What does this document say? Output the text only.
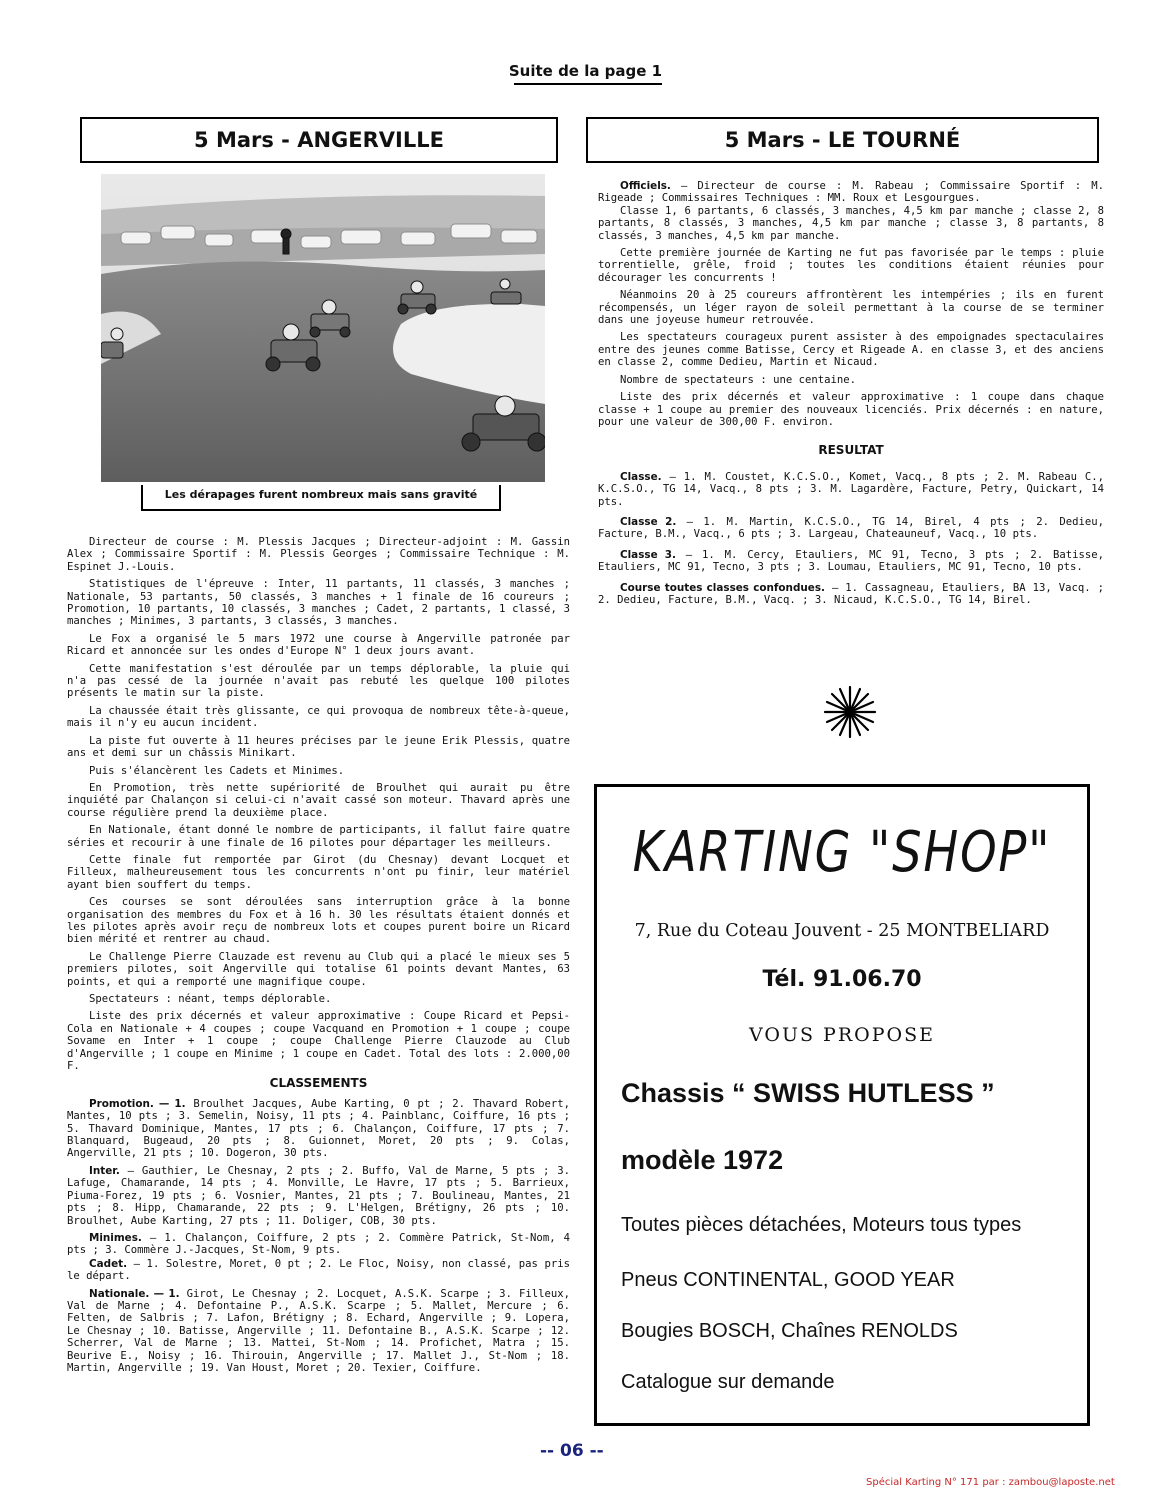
Suite de la page 1
5 Mars - ANGERVILLE	5 Mars - LE TOURNÉ
Les dérapages furent nombreux mais sans gravité

Directeur de course : M. Plessis Jacques ; Directeur-adjoint : M. Gassin Alex ; Commissaire Sportif : M. Plessis Georges ; Commissaire Technique : M. Espinet J.-Louis.

Statistiques de l'épreuve : Inter, 11 partants, 11 classés, 3 manches ; Nationale, 53 partants, 50 classés, 3 manches + 1 finale de 16 coureurs ; Promotion, 10 partants, 10 classés, 3 manches ; Cadet, 2 partants, 1 classé, 3 manches ; Minimes, 3 partants, 3 classés, 3 manches.

Le Fox a organisé le 5 mars 1972 une course à Angerville patronée par Ricard et annoncée sur les ondes d'Europe N° 1 deux jours avant.

Cette manifestation s'est déroulée par un temps déplorable, la pluie qui n'a pas cessé de la journée n'avait pas rebuté les quelque 100 pilotes présents le matin sur la piste.

La chaussée était très glissante, ce qui provoqua de nombreux tête-à-queue, mais il n'y eu aucun incident.

La piste fut ouverte à 11 heures précises par le jeune Erik Plessis, quatre ans et demi sur un châssis Minikart.

Puis s'élancèrent les Cadets et Minimes.

En Promotion, très nette supériorité de Broulhet qui aurait pu être inquiété par Chalançon si celui-ci n'avait cassé son moteur. Thavard après une course régulière prend la deuxième place.

En Nationale, étant donné le nombre de participants, il fallut faire quatre séries et recourir à une finale de 16 pilotes pour départager les meilleurs.

Cette finale fut remportée par Girot (du Chesnay) devant Locquet et Filleux, malheureusement tous les concurrents n'ont pu finir, leur matériel ayant bien souffert du temps.

Ces courses se sont déroulées sans interruption grâce à la bonne organisation des membres du Fox et à 16 h. 30 les résultats étaient donnés et les pilotes après avoir reçu de nombreux lots et coupes purent boire un Ricard bien mérité et rentrer au chaud.

Le Challenge Pierre Clauzade est revenu au Club qui a placé le mieux ses 5 premiers pilotes, soit Angerville qui totalise 61 points devant Mantes, 63 points, et qui a remporté une magnifique coupe.

Spectateurs : néant, temps déplorable.

Liste des prix décernés et valeur approximative : Coupe Ricard et Pepsi-Cola en Nationale + 4 coupes ; coupe Vacquand en Promotion + 1 coupe ; coupe Sovame en Inter + 1 coupe ; coupe Challenge Pierre Clauzode au Club d'Angerville ; 1 coupe en Minime ; 1 coupe en Cadet. Total des lots : 2.000,00 F.

CLASSEMENTS

Promotion. — 1. Broulhet Jacques, Aube Karting, 0 pt ; 2. Thavard Robert, Mantes, 10 pts ; 3. Semelin, Noisy, 11 pts ; 4. Painblanc, Coiffure, 16 pts ; 5. Thavard Dominique, Mantes, 17 pts ; 6. Chalançon, Coiffure, 17 pts ; 7. Blanquard, Bugeaud, 20 pts ; 8. Guionnet, Moret, 20 pts ; 9. Colas, Angerville, 21 pts ; 10. Dogeron, 30 pts.

Inter. — Gauthier, Le Chesnay, 2 pts ; 2. Buffo, Val de Marne, 5 pts ; 3. Lafuge, Chamarande, 14 pts ; 4. Monville, Le Havre, 17 pts ; 5. Barrieux, Piuma-Forez, 19 pts ; 6. Vosnier, Mantes, 21 pts ; 7. Boulineau, Mantes, 21 pts ; 8. Hipp, Chamarande, 22 pts ; 9. L'Helgen, Brétigny, 26 pts ; 10. Broulhet, Aube Karting, 27 pts ; 11. Doliger, COB, 30 pts.

Minimes. — 1. Chalançon, Coiffure, 2 pts ; 2. Commère Patrick, St-Nom, 4 pts ; 3. Commère J.-Jacques, St-Nom, 9 pts.

Cadet. — 1. Solestre, Moret, 0 pt ; 2. Le Floc, Noisy, non classé, pas pris le départ.

Nationale. — 1. Girot, Le Chesnay ; 2. Locquet, A.S.K. Scarpe ; 3. Filleux, Val de Marne ; 4. Defontaine P., A.S.K. Scarpe ; 5. Mallet, Mercure ; 6. Felten, de Salbris ; 7. Lafon, Brétigny ; 8. Echard, Angerville ; 9. Lopera, Le Chesnay ; 10. Batisse, Angerville ; 11. Defontaine B., A.S.K. Scarpe ; 12. Scherrer, Val de Marne ; 13. Mattei, St-Nom ; 14. Profichet, Matra ; 15. Beurive E., Noisy ; 16. Thirouin, Angerville ; 17. Mallet J., St-Nom ; 18. Martin, Angerville ; 19. Van Houst, Moret ; 20. Texier, Coiffure.

Officiels. — Directeur de course : M. Rabeau ; Commissaire Sportif : M. Rigeade ; Commissaires Techniques : MM. Roux et Lesgourgues.

Classe 1, 6 partants, 6 classés, 3 manches, 4,5 km par manche ; classe 2, 8 partants, 8 classés, 3 manches, 4,5 km par manche ; classe 3, 8 partants, 8 classés, 3 manches, 4,5 km par manche.

Cette première journée de Karting ne fut pas favorisée par le temps : pluie torrentielle, grêle, froid ; toutes les conditions étaient réunies pour décourager les concurrents !

Néanmoins 20 à 25 coureurs affrontèrent les intempéries ; ils en furent récompensés, un léger rayon de soleil permettant à la course de se terminer dans une joyeuse humeur retrouvée.

Les spectateurs courageux purent assister à des empoignades spectaculaires entre des jeunes comme Batisse, Cercy et Rigeade A. en classe 3, et des anciens en classe 2, comme Dedieu, Martin et Nicaud.

Nombre de spectateurs : une centaine.

Liste des prix décernés et valeur approximative : 1 coupe dans chaque classe + 1 coupe au premier des nouveaux licenciés. Prix décernés : en nature, pour une valeur de 300,00 F. environ.

RESULTAT

Classe. — 1. M. Coustet, K.C.S.O., Komet, Vacq., 8 pts ; 2. M. Rabeau C., K.C.S.O., TG 14, Vacq., 8 pts ; 3. M. Lagardère, Facture, Petry, Quickart, 14 pts.

Classe 2. — 1. M. Martin, K.C.S.O., TG 14, Birel, 4 pts ; 2. Dedieu, Facture, B.M., Vacq., 6 pts ; 3. Largeau, Chateauneuf, Vacq., 10 pts.

Classe 3. — 1. M. Cercy, Etauliers, MC 91, Tecno, 3 pts ; 2. Batisse, Etauliers, MC 91, Tecno, 3 pts ; 3. Loumau, Etauliers, MC 91, Tecno, 10 pts.

Course toutes classes confondues. — 1. Cassagneau, Etauliers, BA 13, Vacq. ; 2. Dedieu, Facture, B.M., Vacq. ; 3. Nicaud, K.C.S.O., TG 14, Birel.

KARTING "SHOP"
7, Rue du Coteau Jouvent - 25 MONTBELIARD
Tél. 91.06.70
VOUS PROPOSE
Chassis “ SWISS HUTLESS ”
modèle 1972
Toutes pièces détachées, Moteurs tous types
Pneus CONTINENTAL, GOOD YEAR
Bougies BOSCH, Chaînes RENOLDS
Catalogue sur demande
-- 06 --
Spécial Karting N° 171 par : zambou@laposte.net
